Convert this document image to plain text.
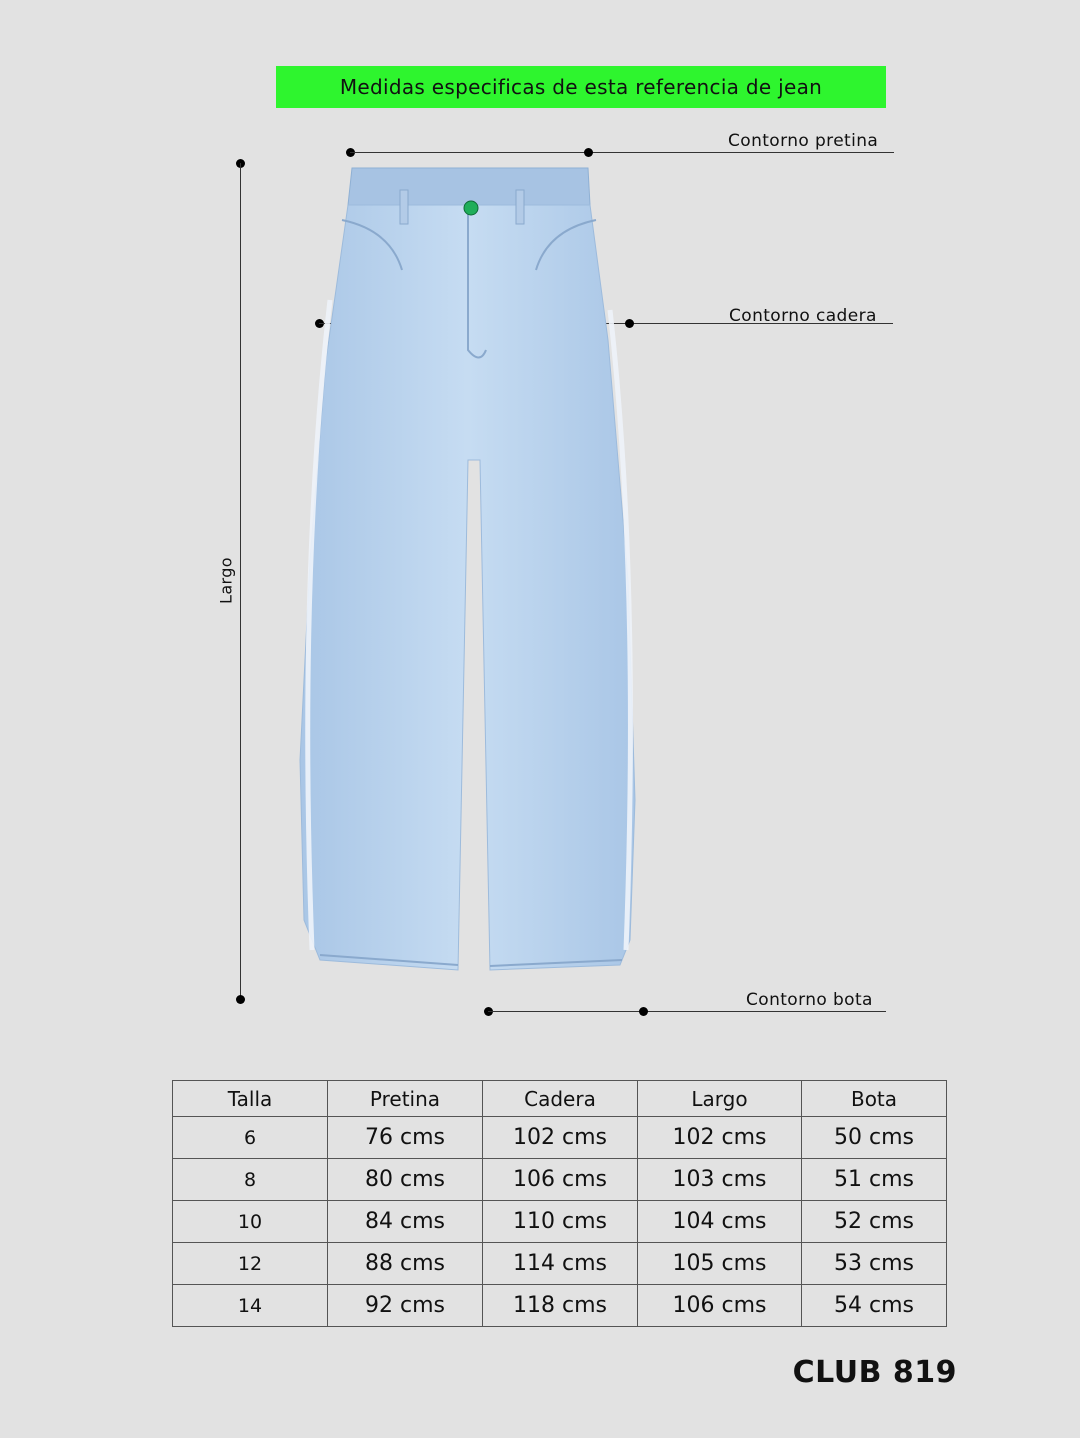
Medidas especificas de esta referencia de jean
Contorno pretina
Contorno cadera
Contorno bota
Largo
Talla	Pretina	Cadera	Largo	Bota
6	76 cms	102 cms	102 cms	50 cms
8	80 cms	106 cms	103 cms	51 cms
10	84 cms	110 cms	104 cms	52 cms
12	88 cms	114 cms	105 cms	53 cms
14	92 cms	118 cms	106 cms	54 cms
CLUB 819
